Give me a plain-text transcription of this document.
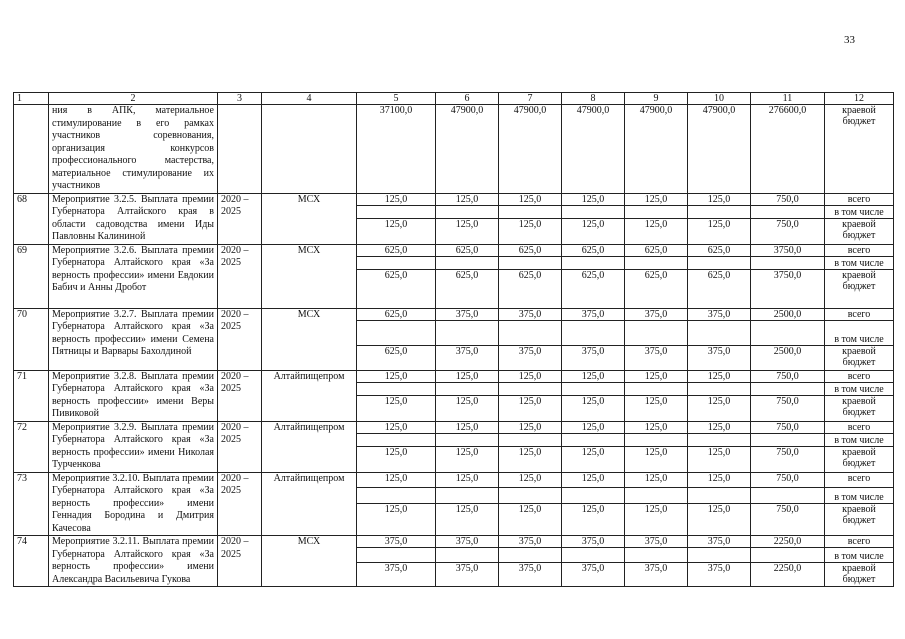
33
1	2	3	4	5	6	7	8	9	10	11	12
	ния в АПК, материальное стимулирование в его рамках участников соревнования, организация конкурсов профессионального мастерства, материальное стимулирование их участников			37100,0	47900,0	47900,0	47900,0	47900,0	47900,0	276600,0	краевой бюджет
68	Мероприятие 3.2.5. Выплата премии Губернатора Алтайского края в области садоводства имени Иды Павловны Калининой	2020 – 2025	МСХ	125,0	125,0	125,0	125,0	125,0	125,0	750,0	всего
											в том числе
				125,0	125,0	125,0	125,0	125,0	125,0	750,0	краевой бюджет
69	Мероприятие 3.2.6. Выплата премии Губернатора Алтайского края «За верность профессии» имени Евдокии Бабич и Анны Дробот	2020 – 2025	МСХ	625,0	625,0	625,0	625,0	625,0	625,0	3750,0	всего
											в том числе
				625,0	625,0	625,0	625,0	625,0	625,0	3750,0	краевой бюджет
70	Мероприятие 3.2.7. Выплата премии Губернатора Алтайского края «За верность профессии» имени Семена Пятницы и Варвары Бахолдиной	2020 – 2025	МСХ	625,0	375,0	375,0	375,0	375,0	375,0	2500,0	всего
											в том числе
				625,0	375,0	375,0	375,0	375,0	375,0	2500,0	краевой бюджет
71	Мероприятие 3.2.8. Выплата премии Губернатора Алтайского края «За верность профессии» имени Веры Пивиковой	2020 – 2025	Алтайпищепром	125,0	125,0	125,0	125,0	125,0	125,0	750,0	всего
											в том числе
				125,0	125,0	125,0	125,0	125,0	125,0	750,0	краевой бюджет
72	Мероприятие 3.2.9. Выплата премии Губернатора Алтайского края «За верность профессии» имени Николая Турченкова	2020 – 2025	Алтайпищепром	125,0	125,0	125,0	125,0	125,0	125,0	750,0	всего
											в том числе
				125,0	125,0	125,0	125,0	125,0	125,0	750,0	краевой бюджет
73	Мероприятие 3.2.10. Выплата премии Губернатора Алтайского края «За верность профессии» имени Геннадия Бородина и Дмитрия Качесова	2020 – 2025	Алтайпищепром	125,0	125,0	125,0	125,0	125,0	125,0	750,0	всего
											в том числе
				125,0	125,0	125,0	125,0	125,0	125,0	750,0	краевой бюджет
74	Мероприятие 3.2.11. Выплата премии Губернатора Алтайского края «За верность профессии» имени Александра Васильевича Гукова	2020 – 2025	МСХ	375,0	375,0	375,0	375,0	375,0	375,0	2250,0	всего
											в том числе
				375,0	375,0	375,0	375,0	375,0	375,0	2250,0	краевой бюджет
